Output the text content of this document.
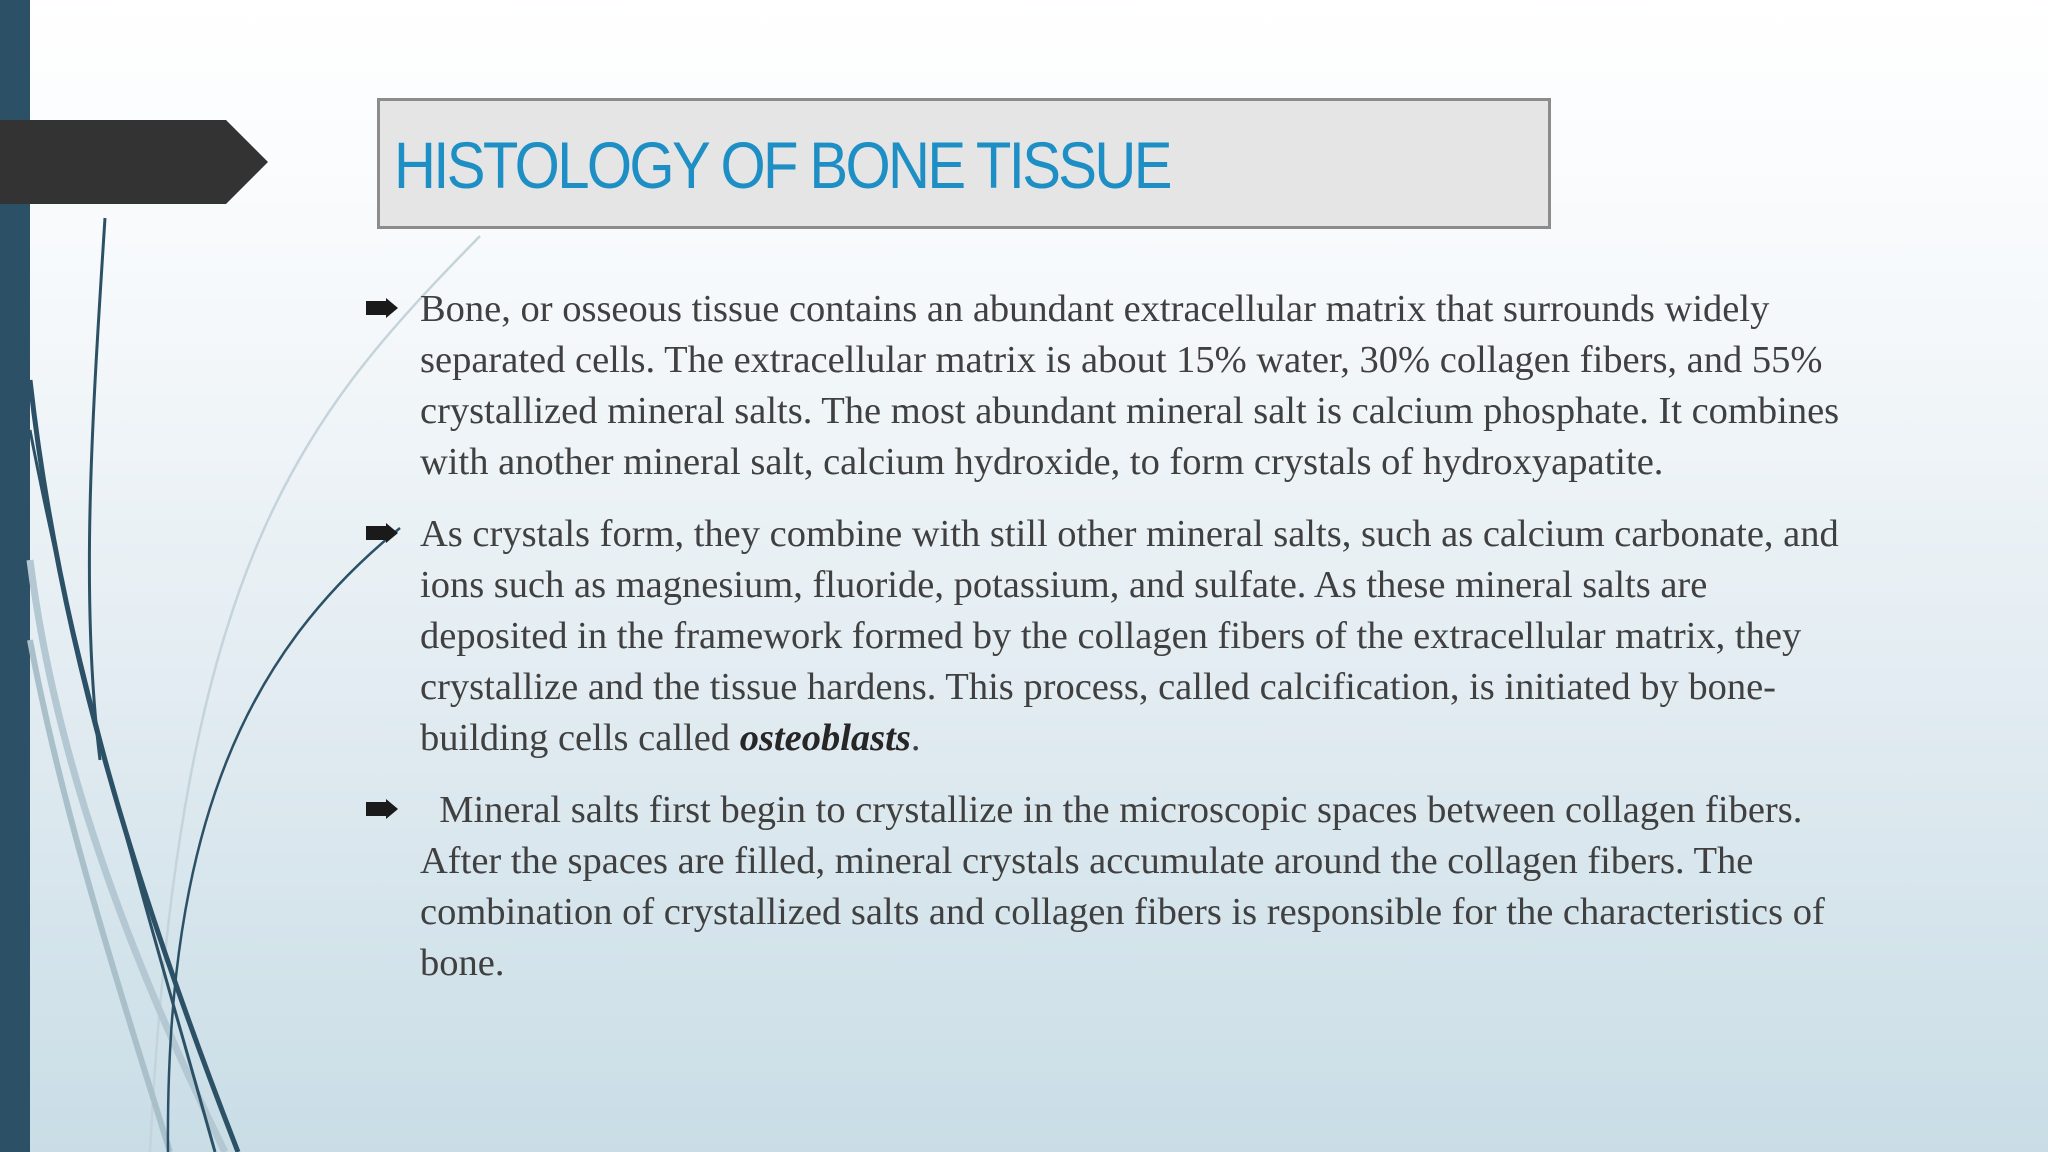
HISTOLOGY OF BONE TISSUE
Bone, or osseous tissue contains an abundant extracellular matrix that surrounds widely separated cells. The extracellular matrix is about 15% water, 30% collagen fibers, and 55% crystallized mineral salts. The most abundant mineral salt is calcium phosphate. It combines with another mineral salt, calcium hydroxide, to form crystals of hydroxyapatite.
As crystals form, they combine with still other mineral salts, such as calcium carbonate, and ions such as magnesium, fluoride, potassium, and sulfate. As these mineral salts are deposited in the framework formed by the collagen fibers of the extracellular matrix, they crystallize and the tissue hardens. This process, called calcification, is initiated by bone-building cells called osteoblasts.
Mineral salts first begin to crystallize in the microscopic spaces between collagen fibers. After the spaces are filled, mineral crystals accumulate around the collagen fibers. The combination of crystallized salts and collagen fibers is responsible for the characteristics of bone.
